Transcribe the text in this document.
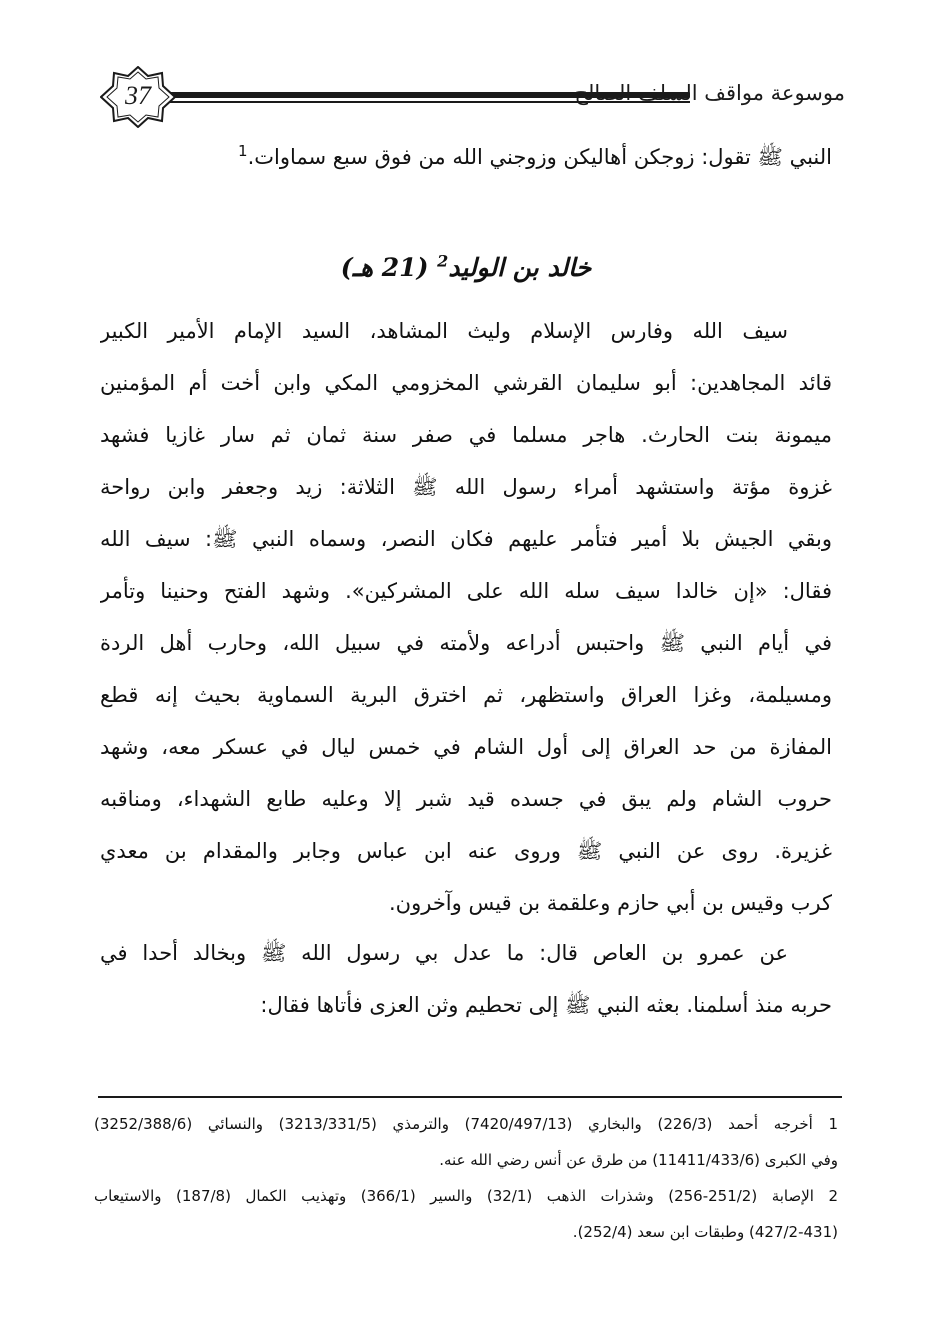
37	موسوعة مواقف السلف الصالح
النبي ﷺ تقول: زوجكن أهاليكن وزوجني الله من فوق سبع سماوات.$^1$
خالد بن الوليد$^2$ (21 هـ)
سيف الله وفارس الإسلام وليث المشاهد، السيد الإمام الأمير الكبير
قائد المجاهدين: أبو سليمان القرشي المخزومي المكي وابن أخت أم المؤمنين
ميمونة بنت الحارث. هاجر مسلما في صفر سنة ثمان ثم سار غازيا فشهد
غزوة مؤتة واستشهد أمراء رسول الله ﷺ الثلاثة: زيد وجعفر وابن رواحة
وبقي الجيش بلا أمير فتأمر عليهم فكان النصر، وسماه النبي ﷺ: سيف الله
فقال: «إن خالدا سيف سله الله على المشركين». وشهد الفتح وحنينا وتأمر
في أيام النبي ﷺ واحتبس أدراعه ولأمته في سبيل الله، وحارب أهل الردة
ومسيلمة، وغزا العراق واستظهر، ثم اخترق البرية السماوية بحيث إنه قطع
المفازة من حد العراق إلى أول الشام في خمس ليال في عسكر معه، وشهد
حروب الشام ولم يبق في جسده قيد شبر إلا وعليه طابع الشهداء، ومناقبه
غزيرة. روى عن النبي ﷺ وروى عنه ابن عباس وجابر والمقدام بن معدي
كرب وقيس بن أبي حازم وعلقمة بن قيس وآخرون.
عن عمرو بن العاص قال: ما عدل بي رسول الله ﷺ وبخالد أحدا في
حربه منذ أسلمنا. بعثه النبي ﷺ إلى تحطيم وثن العزى فأتاها فقال:
1 أخرجه أحمد (226/3) والبخاري (7420/497/13) والترمذي (3213/331/5) والنسائي (3252/388/6)
وفي الكبرى (11411/433/6) من طرق عن أنس رضي الله عنه.
2 الإصابة (251/2-256) وشذرات الذهب (32/1) والسير (366/1) وتهذيب الكمال (187/8) والاستيعاب
(427/2-431) وطبقات ابن سعد (252/4).
